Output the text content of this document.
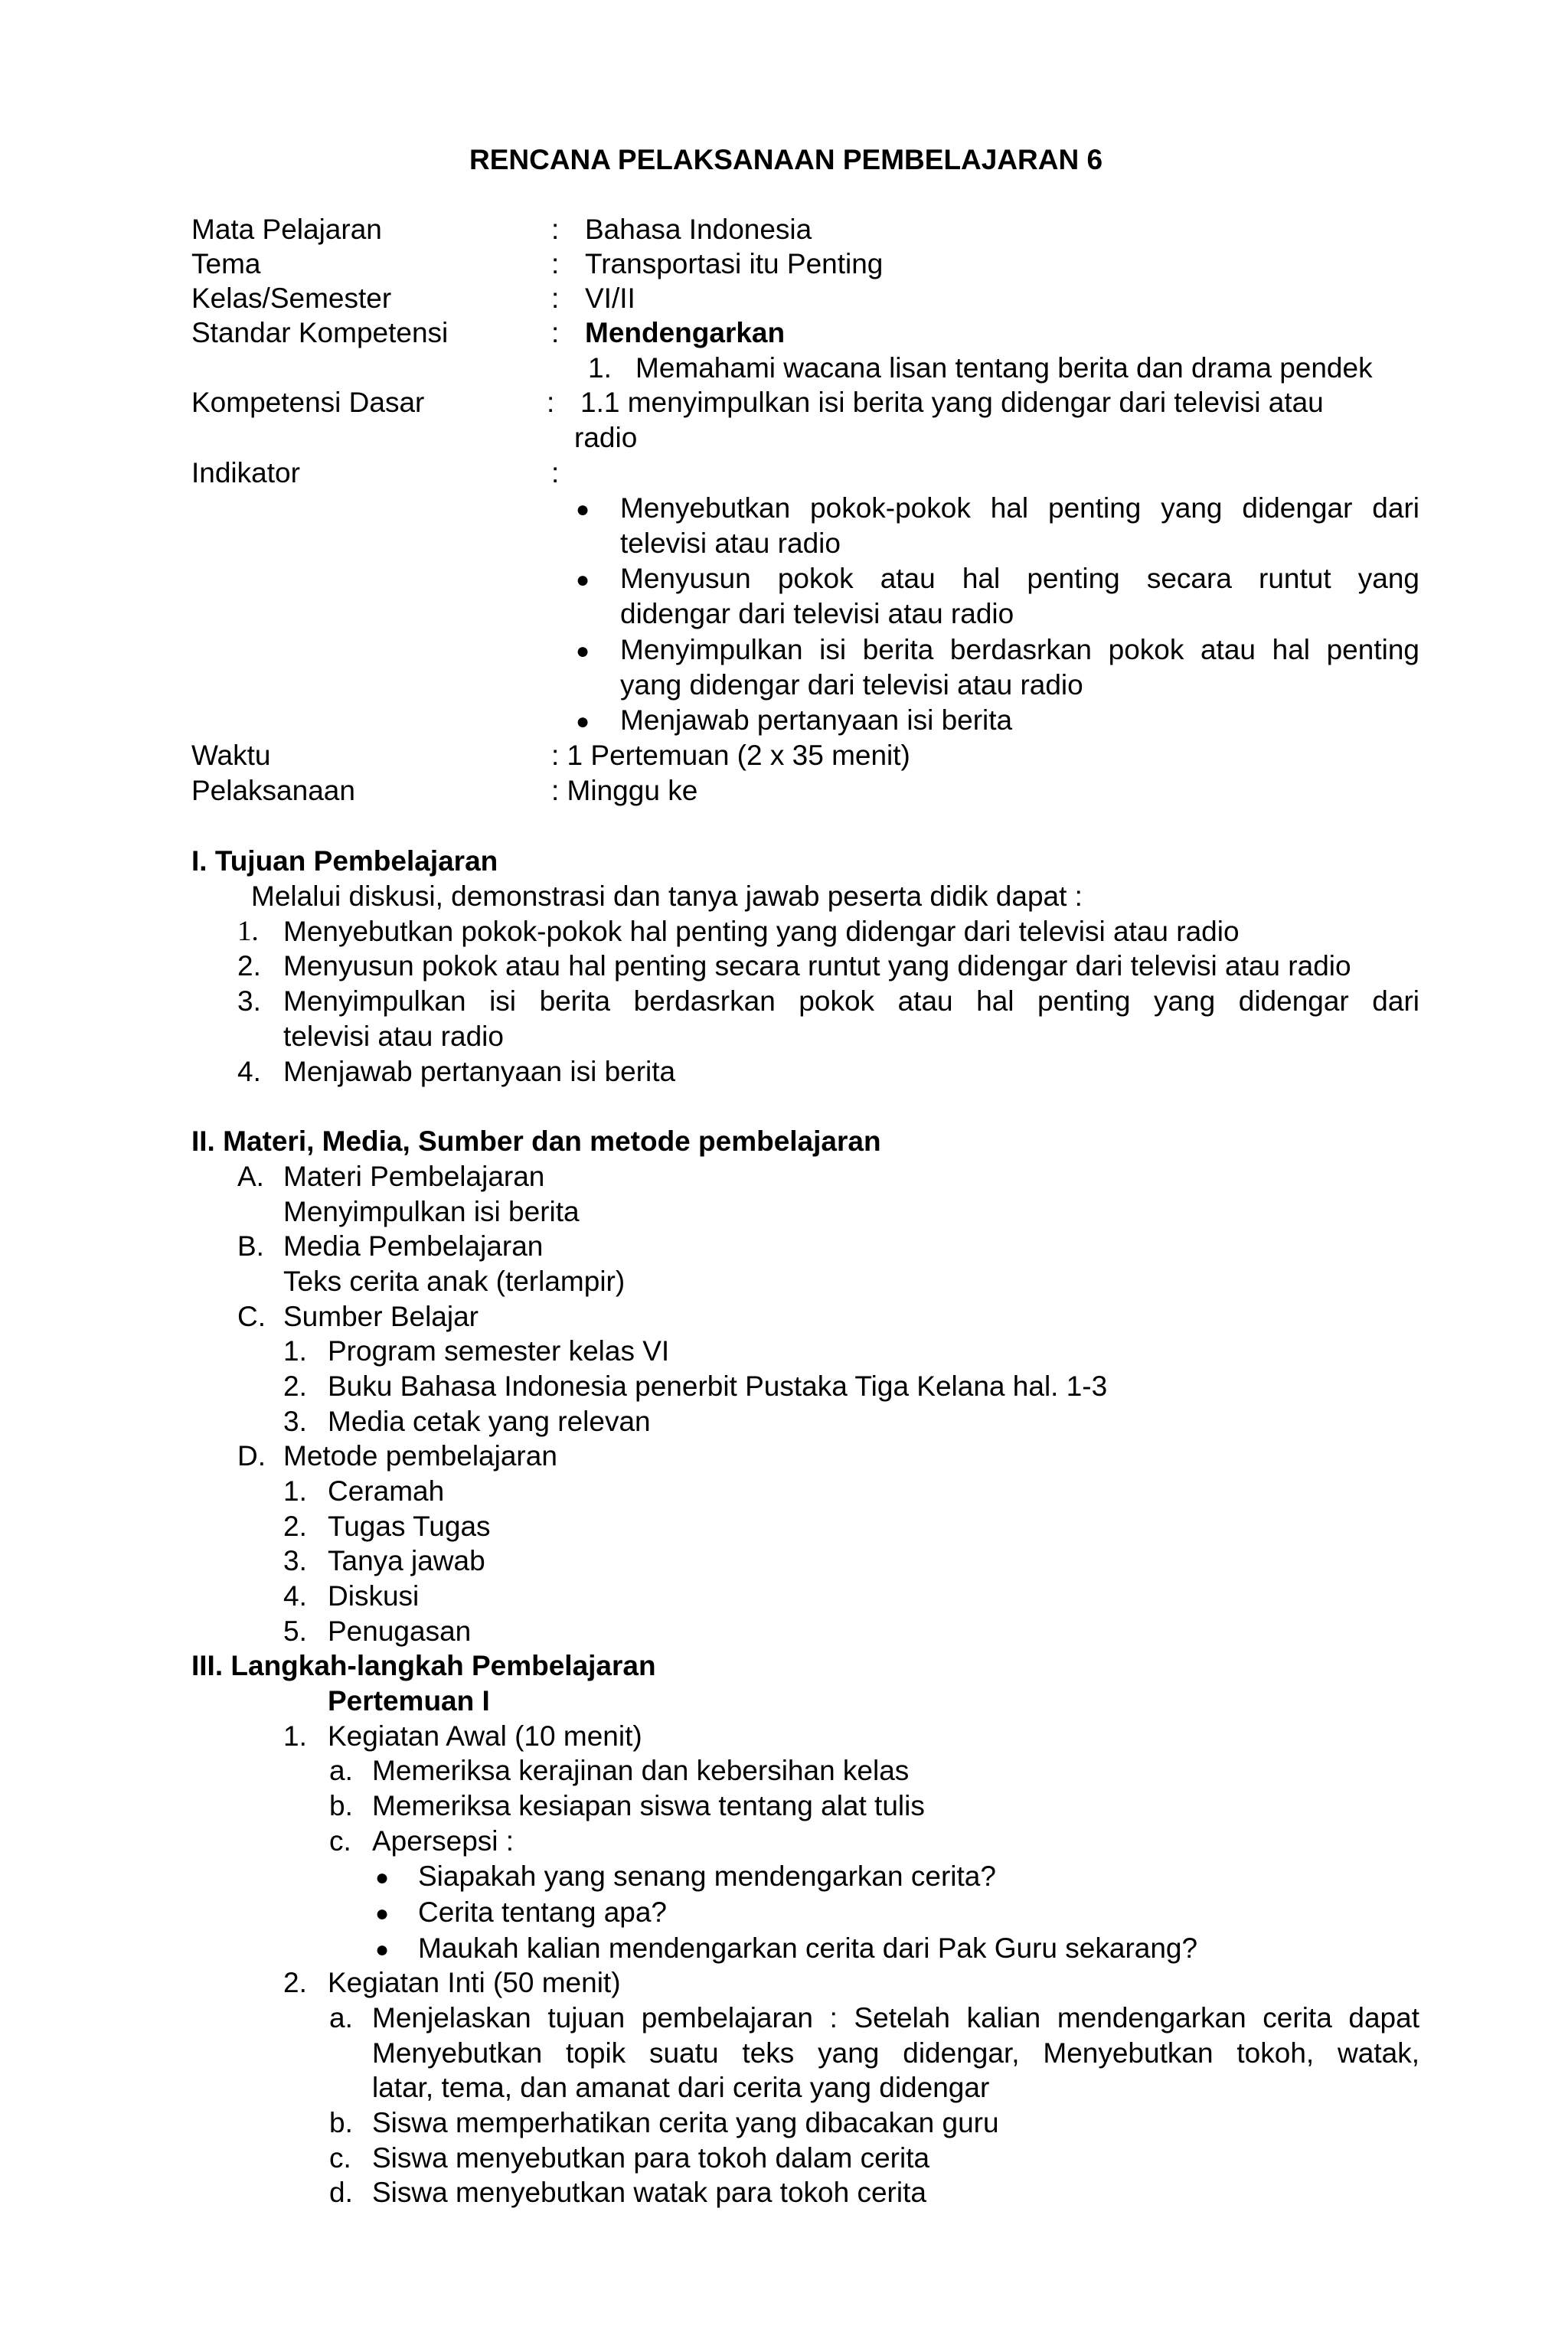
RENCANA PELAKSANAAN PEMBELAJARAN 6
Mata Pelajaran	: Bahasa Indonesia
Tema	: Transportasi itu Penting
Kelas/Semester	: VI/II
Standar Kompetensi	: Mendengarkan
1. Memahami wacana lisan tentang berita dan drama pendek
Kompetensi Dasar	: 1.1 menyimpulkan isi berita yang didengar dari televisi atau
radio
Indikator	:
● Menyebutkan pokok-pokok hal penting yang didengar dari
televisi atau radio
● Menyusun pokok atau hal penting secara runtut yang
didengar dari televisi atau radio
● Menyimpulkan isi berita berdasrkan pokok atau hal penting
yang didengar dari televisi atau radio
● Menjawab pertanyaan isi berita
Waktu	: 1 Pertemuan (2 x 35 menit)
Pelaksanaan	: Minggu ke
I. Tujuan Pembelajaran
Melalui diskusi, demonstrasi dan tanya jawab peserta didik dapat :
1. Menyebutkan pokok-pokok hal penting yang didengar dari televisi atau radio
2. Menyusun pokok atau hal penting secara runtut yang didengar dari televisi atau radio
3. Menyimpulkan isi berita berdasrkan pokok atau hal penting yang didengar dari
televisi atau radio
4. Menjawab pertanyaan isi berita
II. Materi, Media, Sumber dan metode pembelajaran
A. Materi Pembelajaran
Menyimpulkan isi berita
B. Media Pembelajaran
Teks cerita anak (terlampir)
C. Sumber Belajar
1. Program semester kelas VI
2. Buku Bahasa Indonesia penerbit Pustaka Tiga Kelana hal. 1-3
3. Media cetak yang relevan
D. Metode pembelajaran
1. Ceramah
2. Tugas Tugas
3. Tanya jawab
4. Diskusi
5. Penugasan
III. Langkah-langkah Pembelajaran
Pertemuan I
1. Kegiatan Awal (10 menit)
a. Memeriksa kerajinan dan kebersihan kelas
b. Memeriksa kesiapan siswa tentang alat tulis
c. Apersepsi :
● Siapakah yang senang mendengarkan cerita?
● Cerita tentang apa?
● Maukah kalian mendengarkan cerita dari Pak Guru sekarang?
2. Kegiatan Inti (50 menit)
a. Menjelaskan tujuan pembelajaran : Setelah kalian mendengarkan cerita dapat
Menyebutkan topik suatu teks yang didengar, Menyebutkan tokoh, watak,
latar, tema, dan amanat dari cerita yang didengar
b. Siswa memperhatikan cerita yang dibacakan guru
c. Siswa menyebutkan para tokoh dalam cerita
d. Siswa menyebutkan watak para tokoh cerita
